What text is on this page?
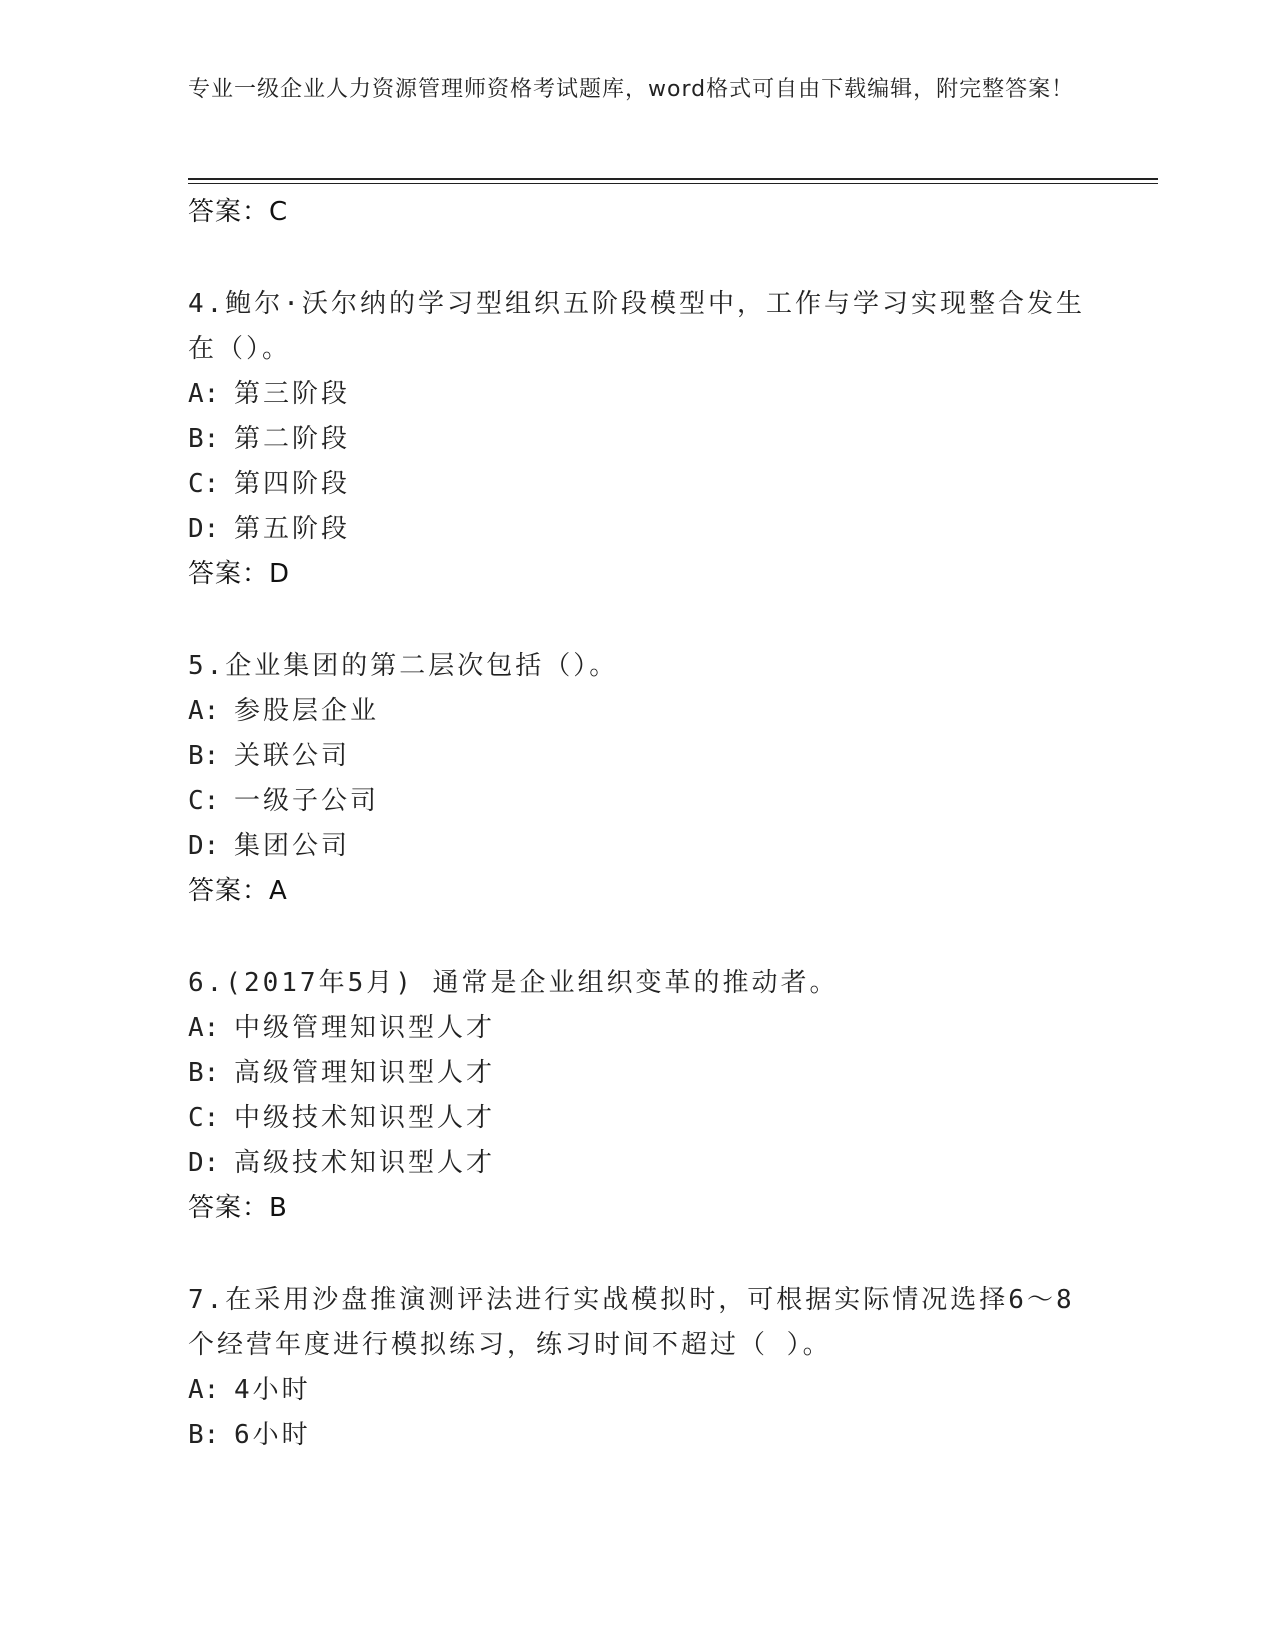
专业一级企业人力资源管理师资格考试题库，word格式可自由下载编辑，附完整答案！
答案：C
4.鲍尔·沃尔纳的学习型组织五阶段模型中，工作与学习实现整合发生在（）。
A: 第三阶段
B: 第二阶段
C: 第四阶段
D: 第五阶段
答案：D
5.企业集团的第二层次包括（）。
A: 参股层企业
B: 关联公司
C: 一级子公司
D: 集团公司
答案：A
6.(2017年5月) 通常是企业组织变革的推动者。
A: 中级管理知识型人才
B: 高级管理知识型人才
C: 中级技术知识型人才
D: 高级技术知识型人才
答案：B
7.在采用沙盘推演测评法进行实战模拟时，可根据实际情况选择6～8个经营年度进行模拟练习，练习时间不超过（ ）。
A: 4小时
B: 6小时
